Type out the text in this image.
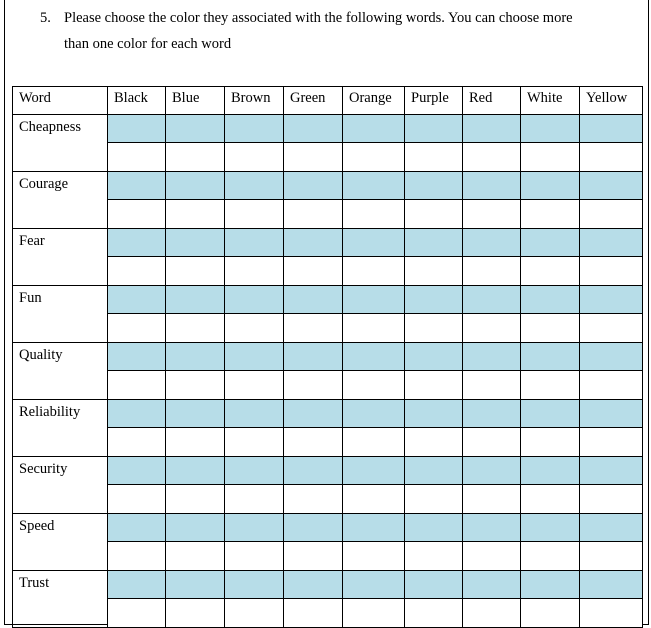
5. Please choose the color they associated with the following words. You can choose more
than one color for each word
Word	Black	Blue	Brown	Green	Orange	Purple	Red	White	Yellow
Cheapness									

Courage									

Fear									

Fun									

Quality									

Reliability									

Security									

Speed									

Trust									
